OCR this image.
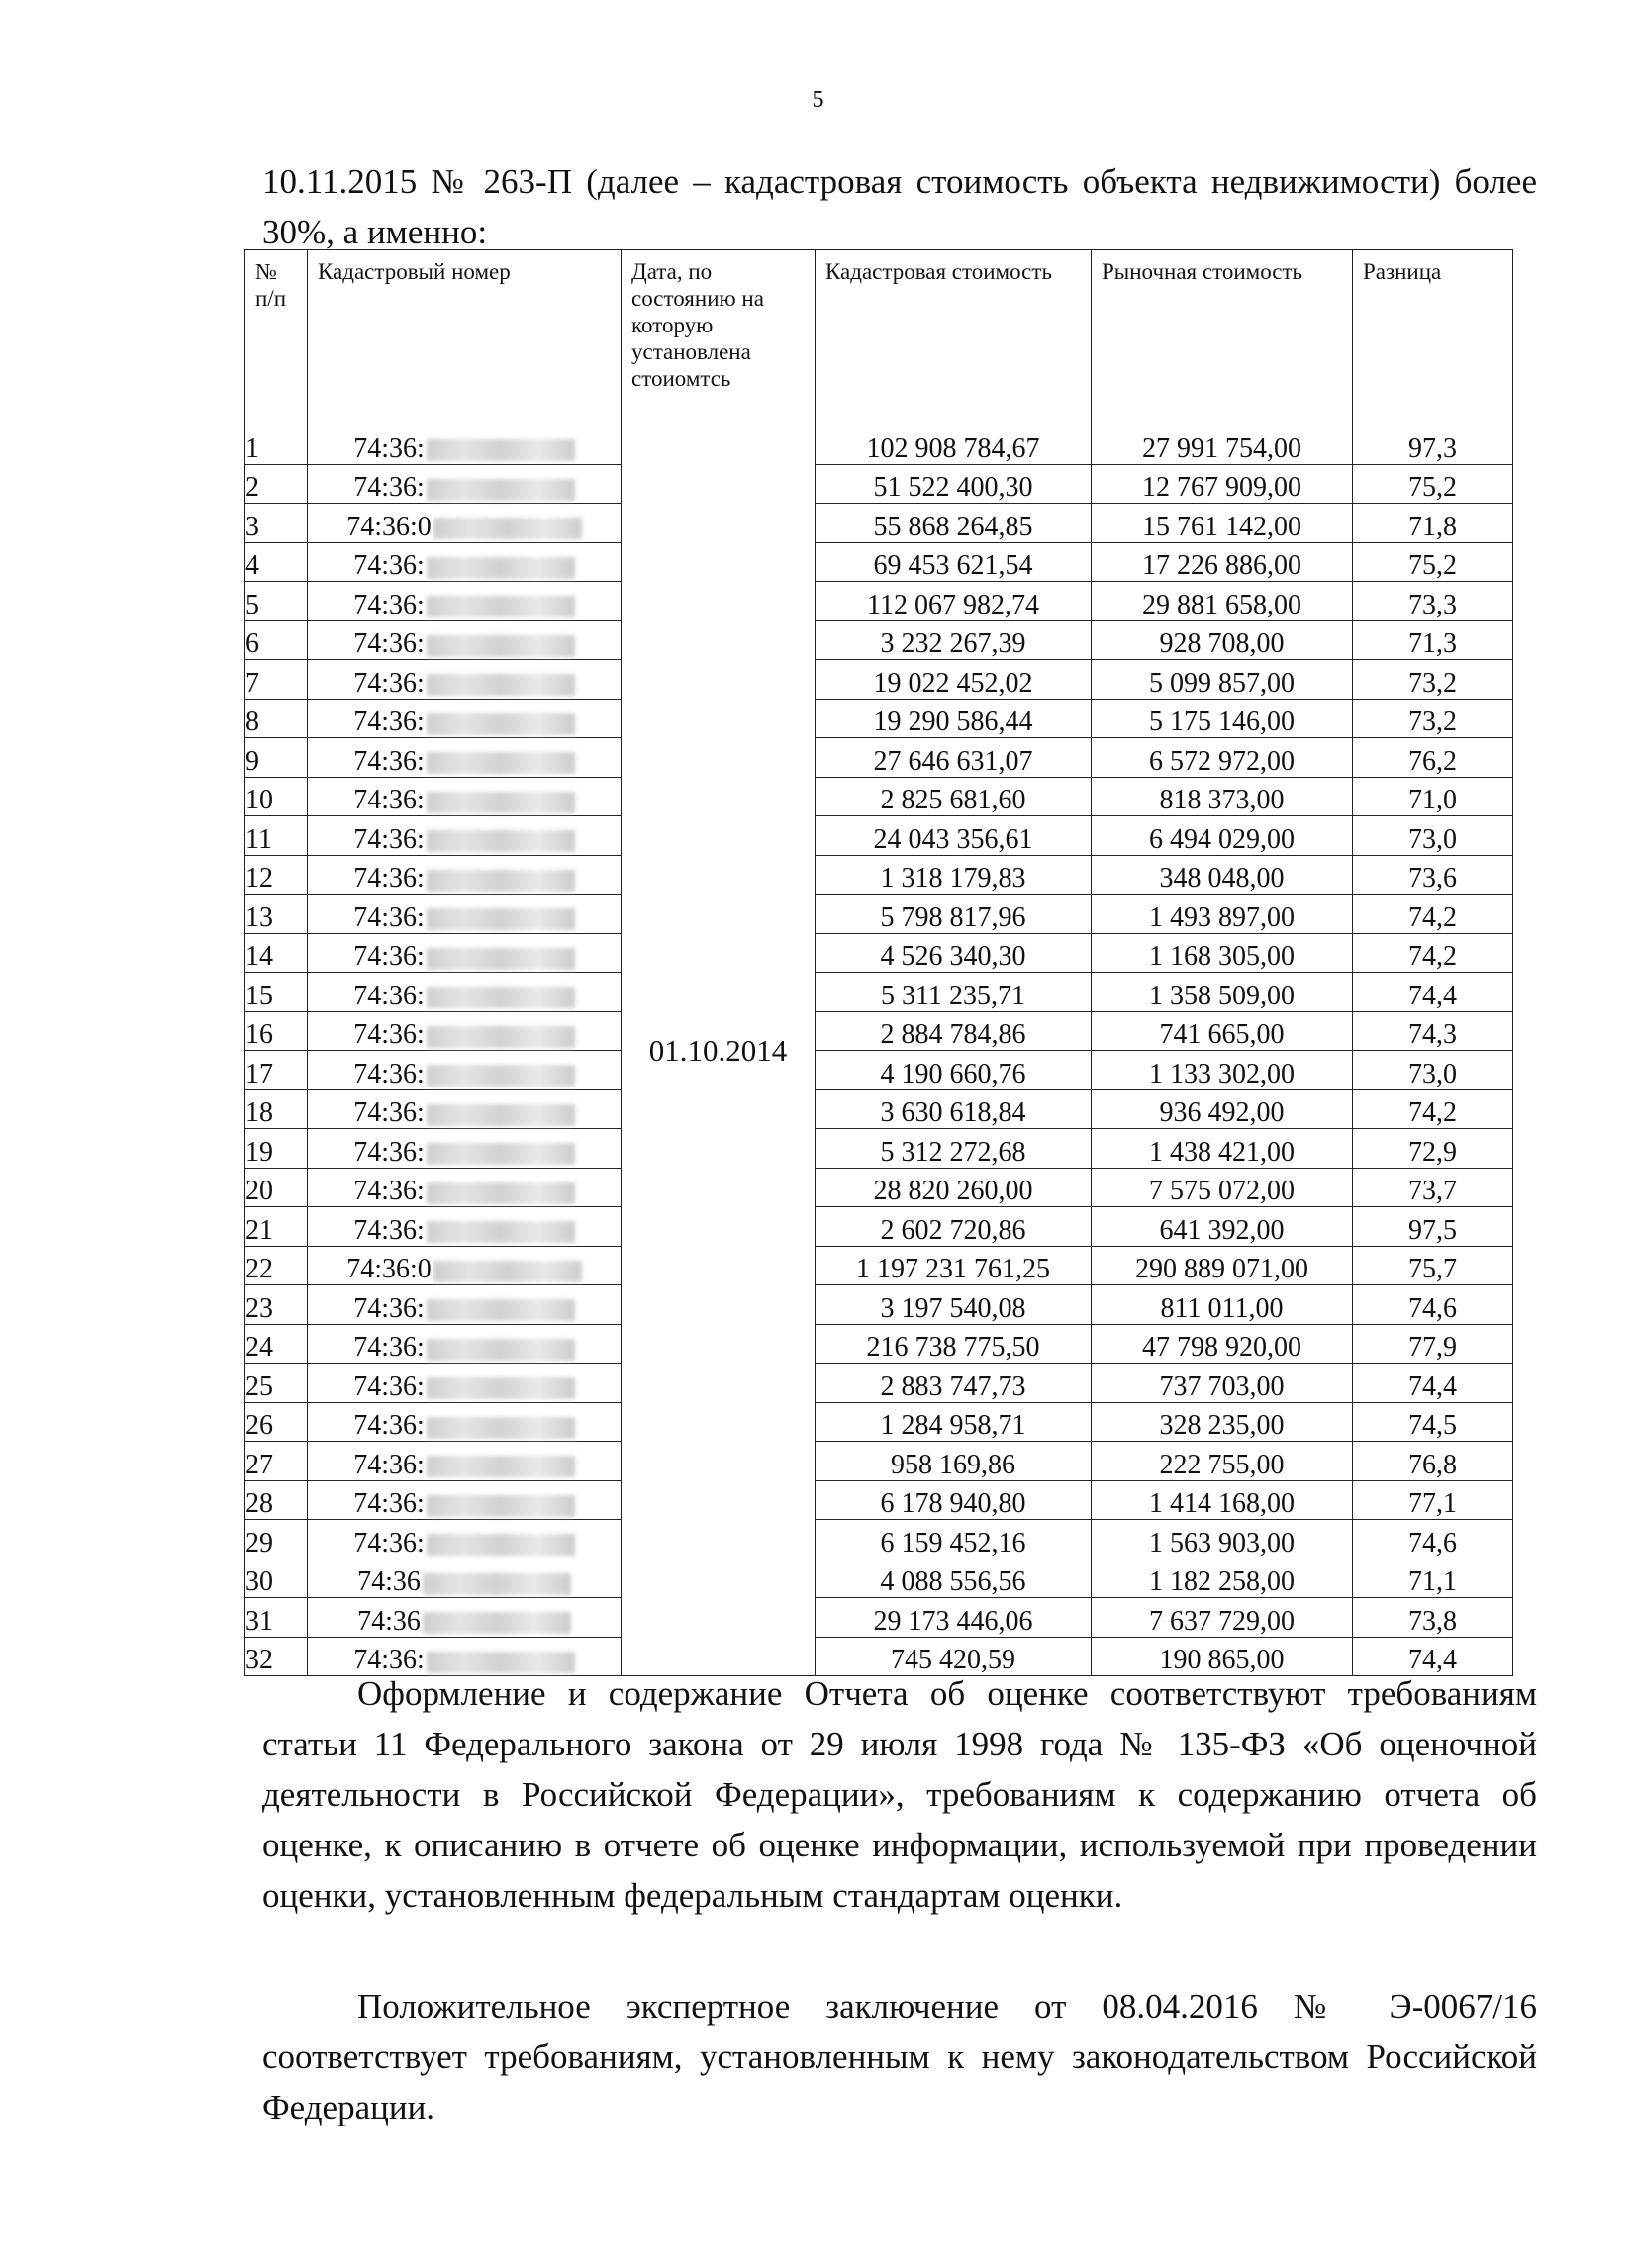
5
10.11.2015 № 263-П (далее – кадастровая стоимость объекта недвижимости) более 30%, а именно:
№ п/п	Кадастровый номер	Дата, по состоянию на которую установлена стоиомтсь	Кадастровая стоимость	Рыночная стоимость	Разница
1	74:36:	01.10.2014	102 908 784,67	27 991 754,00	97,3
2	74:36:		51 522 400,30	12 767 909,00	75,2
3	74:36:0		55 868 264,85	15 761 142,00	71,8
4	74:36:		69 453 621,54	17 226 886,00	75,2
5	74:36:		112 067 982,74	29 881 658,00	73,3
6	74:36:		3 232 267,39	928 708,00	71,3
7	74:36:		19 022 452,02	5 099 857,00	73,2
8	74:36:		19 290 586,44	5 175 146,00	73,2
9	74:36:		27 646 631,07	6 572 972,00	76,2
10	74:36:		2 825 681,60	818 373,00	71,0
11	74:36:		24 043 356,61	6 494 029,00	73,0
12	74:36:		1 318 179,83	348 048,00	73,6
13	74:36:		5 798 817,96	1 493 897,00	74,2
14	74:36:		4 526 340,30	1 168 305,00	74,2
15	74:36:		5 311 235,71	1 358 509,00	74,4
16	74:36:		2 884 784,86	741 665,00	74,3
17	74:36:		4 190 660,76	1 133 302,00	73,0
18	74:36:		3 630 618,84	936 492,00	74,2
19	74:36:		5 312 272,68	1 438 421,00	72,9
20	74:36:		28 820 260,00	7 575 072,00	73,7
21	74:36:		2 602 720,86	641 392,00	97,5
22	74:36:0		1 197 231 761,25	290 889 071,00	75,7
23	74:36:		3 197 540,08	811 011,00	74,6
24	74:36:		216 738 775,50	47 798 920,00	77,9
25	74:36:		2 883 747,73	737 703,00	74,4
26	74:36:		1 284 958,71	328 235,00	74,5
27	74:36:		958 169,86	222 755,00	76,8
28	74:36:		6 178 940,80	1 414 168,00	77,1
29	74:36:		6 159 452,16	1 563 903,00	74,6
30	74:36		4 088 556,56	1 182 258,00	71,1
31	74:36		29 173 446,06	7 637 729,00	73,8
32	74:36:		745 420,59	190 865,00	74,4
Оформление и содержание Отчета об оценке соответствуют требованиям статьи 11 Федерального закона от 29 июля 1998 года № 135-ФЗ «Об оценочной деятельности в Российской Федерации», требованиям к содержанию отчета об оценке, к описанию в отчете об оценке информации, используемой при проведении оценки, установленным федеральным стандартам оценки.
Положительное экспертное заключение от 08.04.2016 № Э-0067/16 соответствует требованиям, установленным к нему законодательством Российской Федерации.
